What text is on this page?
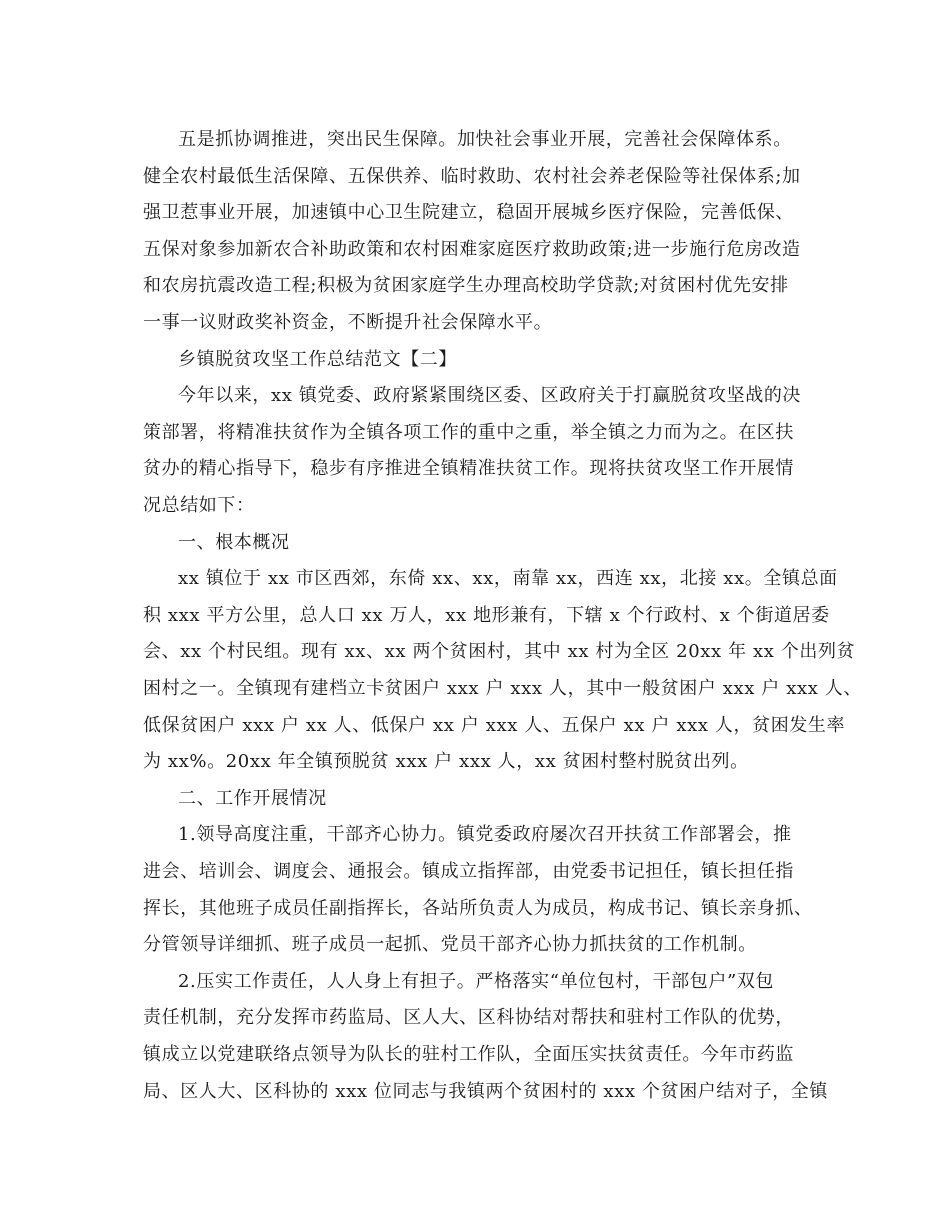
五是抓协调推进，突出民生保障。加快社会事业开展，完善社会保障体系。
健全农村最低生活保障、五保供养、临时救助、农村社会养老保险等社保体系;加
强卫惹事业开展，加速镇中心卫生院建立，稳固开展城乡医疗保险，完善低保、
五保对象参加新农合补助政策和农村困难家庭医疗救助政策;进一步施行危房改造
和农房抗震改造工程;积极为贫困家庭学生办理高校助学贷款;对贫困村优先安排
一事一议财政奖补资金，不断提升社会保障水平。
乡镇脱贫攻坚工作总结范文【二】
今年以来，xx 镇党委、政府紧紧围绕区委、区政府关于打赢脱贫攻坚战的决
策部署，将精准扶贫作为全镇各项工作的重中之重，举全镇之力而为之。在区扶
贫办的精心指导下，稳步有序推进全镇精准扶贫工作。现将扶贫攻坚工作开展情
况总结如下：
一、根本概况
xx 镇位于 xx 市区西郊，东倚 xx、xx，南靠 xx，西连 xx，北接 xx。全镇总面
积 xxx 平方公里，总人口 xx 万人，xx 地形兼有，下辖 x 个行政村、x 个街道居委
会、xx 个村民组。现有 xx、xx 两个贫困村，其中 xx 村为全区 20xx 年 xx 个出列贫
困村之一。全镇现有建档立卡贫困户 xxx 户 xxx 人，其中一般贫困户 xxx 户 xxx 人、
低保贫困户 xxx 户 xx 人、低保户 xx 户 xxx 人、五保户 xx 户 xxx 人，贫困发生率
为 xx%。20xx 年全镇预脱贫 xxx 户 xxx 人，xx 贫困村整村脱贫出列。
二、工作开展情况
1.领导高度注重，干部齐心协力。镇党委政府屡次召开扶贫工作部署会，推
进会、培训会、调度会、通报会。镇成立指挥部，由党委书记担任，镇长担任指
挥长，其他班子成员任副指挥长，各站所负责人为成员，构成书记、镇长亲身抓、
分管领导详细抓、班子成员一起抓、党员干部齐心协力抓扶贫的工作机制。
2.压实工作责任，人人身上有担子。严格落实“单位包村，干部包户”双包
责任机制，充分发挥市药监局、区人大、区科协结对帮扶和驻村工作队的优势，
镇成立以党建联络点领导为队长的驻村工作队，全面压实扶贫责任。今年市药监
局、区人大、区科协的 xxx 位同志与我镇两个贫困村的 xxx 个贫困户结对子，全镇
